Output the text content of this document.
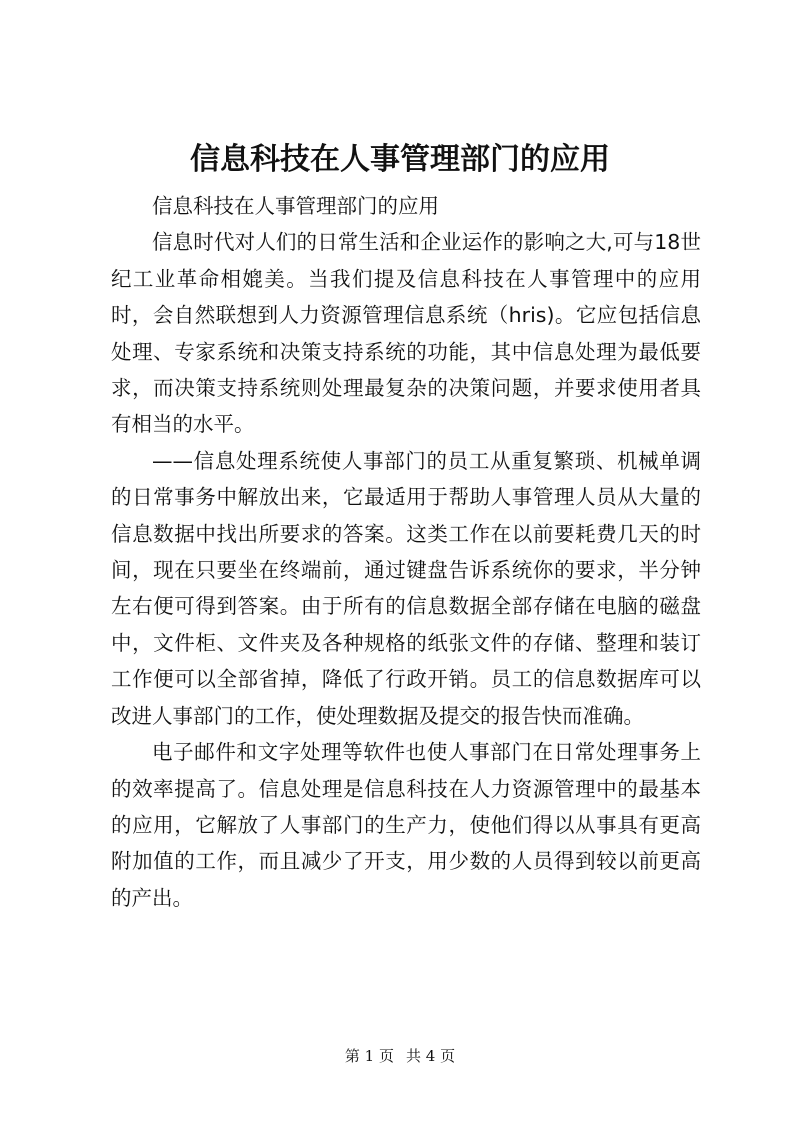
信息科技在人事管理部门的应用

信息科技在人事管理部门的应用

信息时代对人们的日常生活和企业运作的影响之大,可与18世纪工业革命相媲美。当我们提及信息科技在人事管理中的应用时，会自然联想到人力资源管理信息系统（hris)。它应包括信息处理、专家系统和决策支持系统的功能，其中信息处理为最低要求，而决策支持系统则处理最复杂的决策问题，并要求使用者具有相当的水平。

——信息处理系统使人事部门的员工从重复繁琐、机械单调的日常事务中解放出来，它最适用于帮助人事管理人员从大量的信息数据中找出所要求的答案。这类工作在以前要耗费几天的时间，现在只要坐在终端前，通过键盘告诉系统你的要求，半分钟左右便可得到答案。由于所有的信息数据全部存储在电脑的磁盘中，文件柜、文件夹及各种规格的纸张文件的存储、整理和装订工作便可以全部省掉，降低了行政开销。员工的信息数据库可以改进人事部门的工作，使处理数据及提交的报告快而准确。

电子邮件和文字处理等软件也使人事部门在日常处理事务上的效率提高了。信息处理是信息科技在人力资源管理中的最基本的应用，它解放了人事部门的生产力，使他们得以从事具有更高附加值的工作，而且减少了开支，用少数的人员得到较以前更高的产出。

第 1 页 共 4 页
